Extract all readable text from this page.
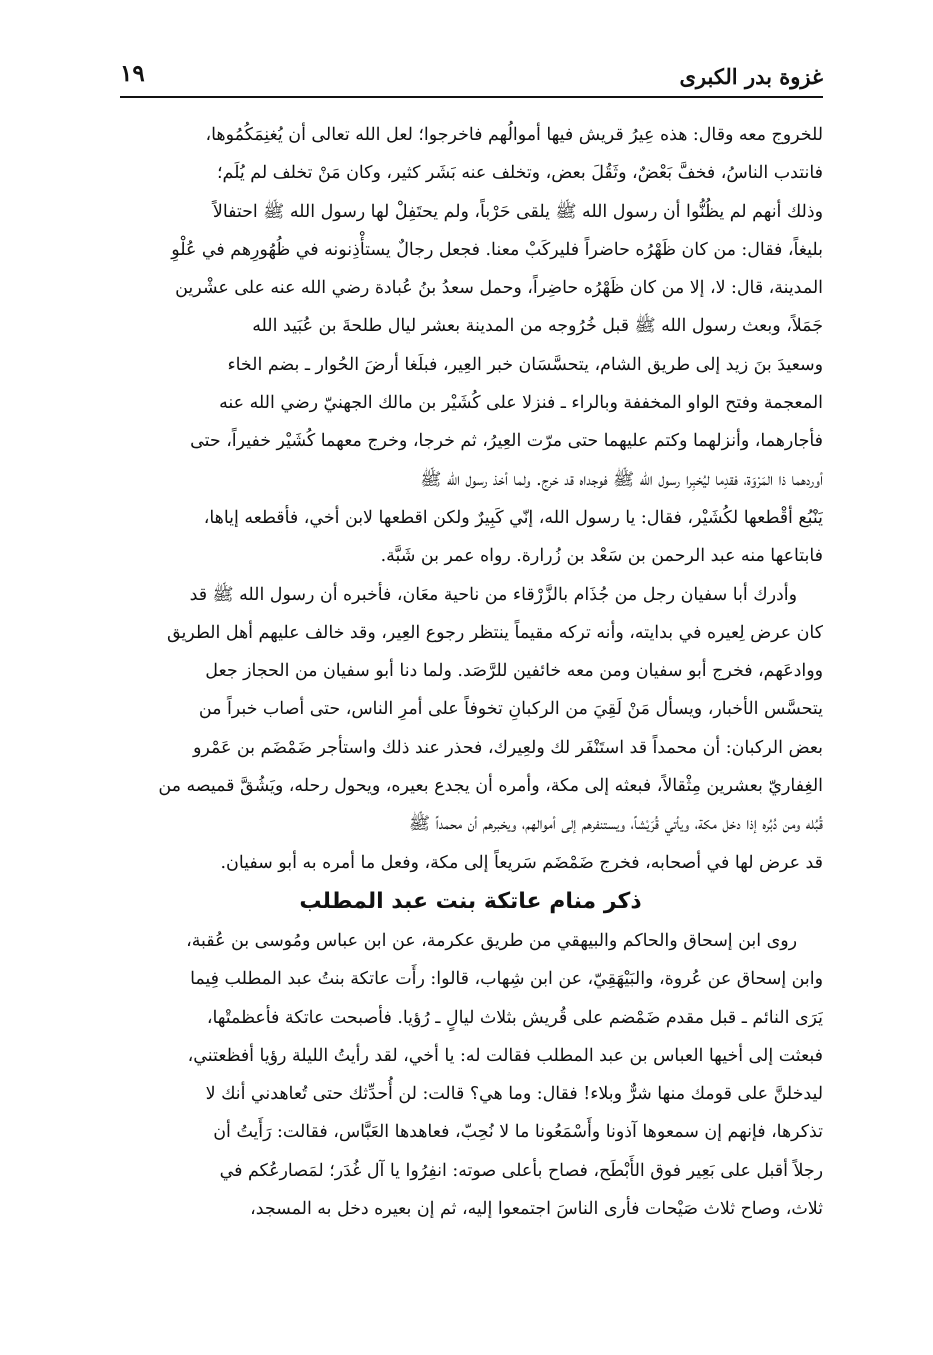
غزوة بدر الكبرى
١٩
للخروج معه وقال: هذه عِيرُ قريش فيها أموالُهم فاخرجوا؛ لعل الله تعالى أن يُغنِمَكُمُوها،
فانتدب الناسُ، فخفَّ بَعْضٌ، وثَقُلَ بعض، وتخلف عنه بَشَر كثير، وكان مَنْ تخلف لم يُلَم؛
وذلك أنهم لم يظُنُّوا أن رسول الله ﷺ يلقى حَرْباً، ولم يحتَفِلْ لها رسول الله ﷺ احتفالاً
بليغاً، فقال: من كان ظَهْرُه حاضراً فليركَبْ معنا. فجعل رجالٌ يستأْذِنونه في ظُهُورِهم في عُلْوِ
المدينة، قال: لا، إلا من كان ظَهْرُه حاضِراً، وحمل سعدُ بنُ عُبادة رضي الله عنه على عشْرين
جَمَلاً، وبعث رسول الله ﷺ قبل خُرُوجه من المدينة بعشر ليال طلحةَ بن عُبَيد الله
وسعيدَ بنَ زيد إلى طريق الشام، يتحسَّسَان خبر العِير، فبلَغا أرضَ الحُوار ـ بضم الخاء
المعجمة وفتح الواو المخففة وبالراء ـ فنزلا على كُشَيْر بن مالك الجهنيّ رضي الله عنه
فأجارهما، وأنزلهما وكتم عليهما حتى مرّت العِيرُ، ثم خرجا، وخرج معهما كُشَيْر خفيراً، حتى
أوردهما ذا المَرْوَة، فقدِما ليُخبِرا رسول الله ﷺ فوجداه قد خرج. ولما أخذ رسول الله ﷺ
يَنْبُع أقْطعها لكُشَيْر، فقال: يا رسول الله، إنّي كَبِيرٌ ولكن اقطعها لابن أخي، فأقطعه إياها،
فابتاعها منه عبد الرحمن بن سَعْد بن زُرارة. رواه عمر بن شَبَّة.
وأدرك أبا سفيان رجل من جُذَام بالزَّرْقاء من ناحية معَان، فأخبره أن رسول الله ﷺ قد
كان عرض لِعيره في بدايته، وأنه تركه مقيماً ينتظر رجوع العِير، وقد خالف عليهم أهل الطريق
ووادعَهم، فخرج أبو سفيان ومن معه خائفين للرَّصَد. ولما دنا أبو سفيان من الحجاز جعل
يتحسَّس الأخبار، ويسأل مَنْ لَقِيَ من الركبانِ تخوفاً على أمرِ الناس، حتى أصاب خبراً من
بعض الركبان: أن محمداً قد استَنْفَر لك ولعِيرك، فحذر عند ذلك واستأجر ضَمْضَم بن عَمْرو
الغِفاريّ بعشرين مِثْقالاً، فبعثه إلى مكة، وأمره أن يجدع بعيره، ويحول رحله، ويَشُقَّ قميصه من
قُبُله ومن دُبُره إذا دخل مكة، ويأتي قُرَيْشاً، ويستنفرهم إلى أموالهم، ويخبرهم أن محمداً ﷺ
قد عرض لها في أصحابه، فخرج ضَمْضَم سَريعاً إلى مكة، وفعل ما أمره به أبو سفيان.
ذكر منام عاتكة بنت عبد المطلب
روى ابن إسحاق والحاكم والبيهقي من طريق عكرمة، عن ابن عباس ومُوسى بن عُقبة،
وابن إسحاق عن عُروة، والبَيْهَقِيّ، عن ابن شِهاب، قالوا: رأَت عاتكة بنتُ عبد المطلب فِيما
يَرَى النائم ـ قبل مقدم ضَمْضم على قُريش بثلاث ليالٍ ـ رُؤيا. فأصبحت عاتكة فأعظمتْها،
فبعثت إلى أخيها العباس بن عبد المطلب فقالت له: يا أخي، لقد رأيتُ الليلة رؤيا أفظعتني،
ليدخلنَّ على قومك منها شرٌّ وبلاء! فقال: وما هي؟ قالت: لن أُحدِّثك حتى تُعاهدني أنك لا
تذكرها، فإنهم إن سمعوها آذونا وأَسْمَعُونا ما لا نُحِبّ، فعاهدها العَبَّاس، فقالت: رَأَيتُ أن
رجلاً أقبل على بَعِير فوق الأَبْطَح، فصاح بأعلى صوته: انفِرُوا يا آل غُدَر؛ لمَصارعُكم في
ثلاث، وصاح ثلاث صَيْحات فأرى الناسَ اجتمعوا إليه، ثم إن بعيره دخل به المسجد،
